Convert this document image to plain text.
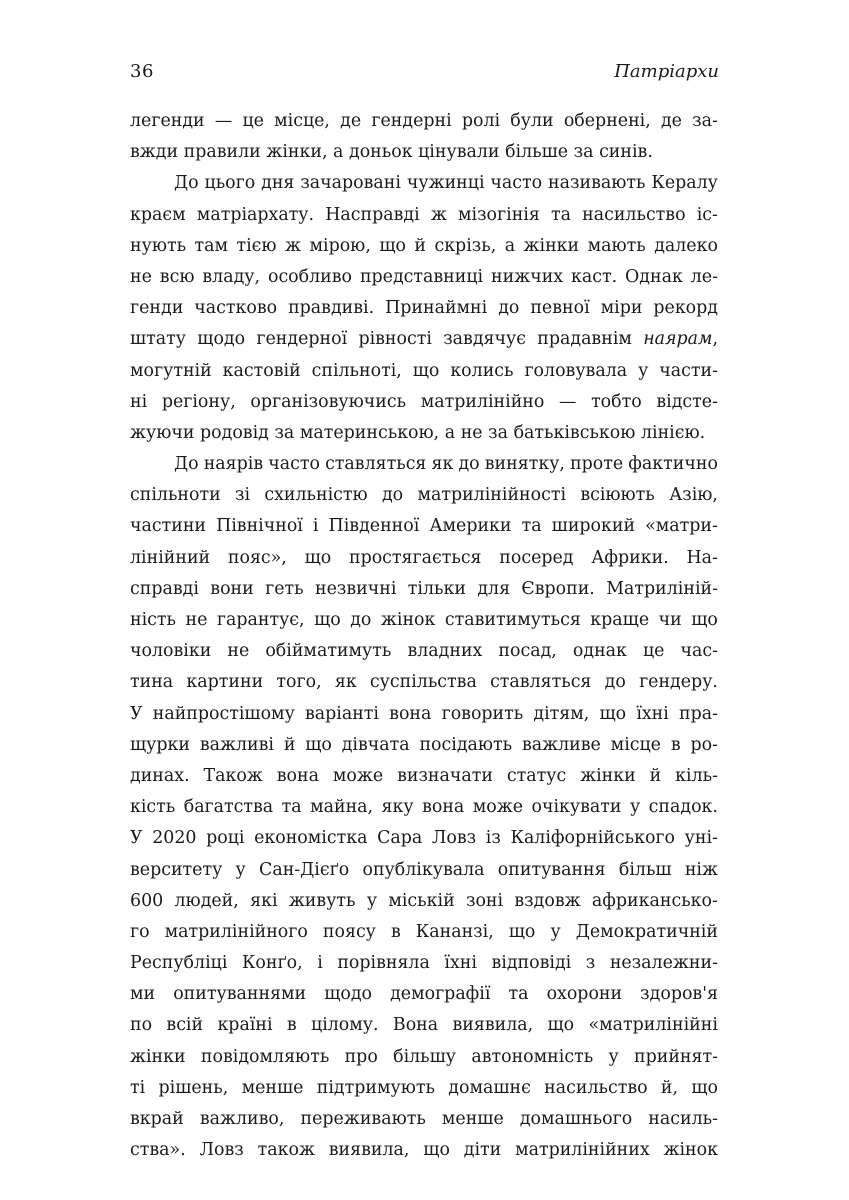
36	Патріархи
легенди — це місце, де гендерні ролі були обернені, де за-
вжди правили жінки, а доньок цінували більше за синів.
До цього дня зачаровані чужинці часто називають Кералу
краєм матріархату. Насправді ж мізогінія та насильство іс-
нують там тією ж мірою, що й скрізь, а жінки мають далеко
не всю владу, особливо представниці нижчих каст. Однак ле-
генди частково правдиві. Принаймні до певної міри рекорд
штату щодо гендерної рівності завдячує прадавнім наярам,
могутній кастовій спільноті, що колись головувала у части-
ні регіону, організовуючись матрилінійно — тобто відсте-
жуючи родовід за материнською, а не за батьківською лінією.
До наярів часто ставляться як до винятку, проте фактично
спільноти зі схильністю до матрилінійності всіюють Азію,
частини Північної і Південної Америки та широкий «матри-
лінійний пояс», що простягається посеред Африки. На-
справді вони геть незвичні тільки для Європи. Матриліній-
ність не гарантує, що до жінок ставитимуться краще чи що
чоловіки не обійматимуть владних посад, однак це час-
тина картини того, як суспільства ставляться до гендеру.
У найпростішому варіанті вона говорить дітям, що їхні пра-
щурки важливі й що дівчата посідають важливе місце в ро-
динах. Також вона може визначати статус жінки й кіль-
кість багатства та майна, яку вона може очікувати у спадок.
У 2020 році економістка Сара Ловз із Каліфорнійського уні-
верситету у Сан-Дієґо опублікувала опитування більш ніж
600 людей, які живуть у міській зоні вздовж африкансько-
го матрилінійного поясу в Кананзі, що у Демократичній
Республіці Конґо, і порівняла їхні відповіді з незалежни-
ми опитуваннями щодо демографії та охорони здоров'я
по всій країні в цілому. Вона виявила, що «матрилінійні
жінки повідомляють про більшу автономність у прийнят-
ті рішень, менше підтримують домашнє насильство й, що
вкрай важливо, переживають менше домашнього насиль-
ства». Ловз також виявила, що діти матрилінійних жінок
